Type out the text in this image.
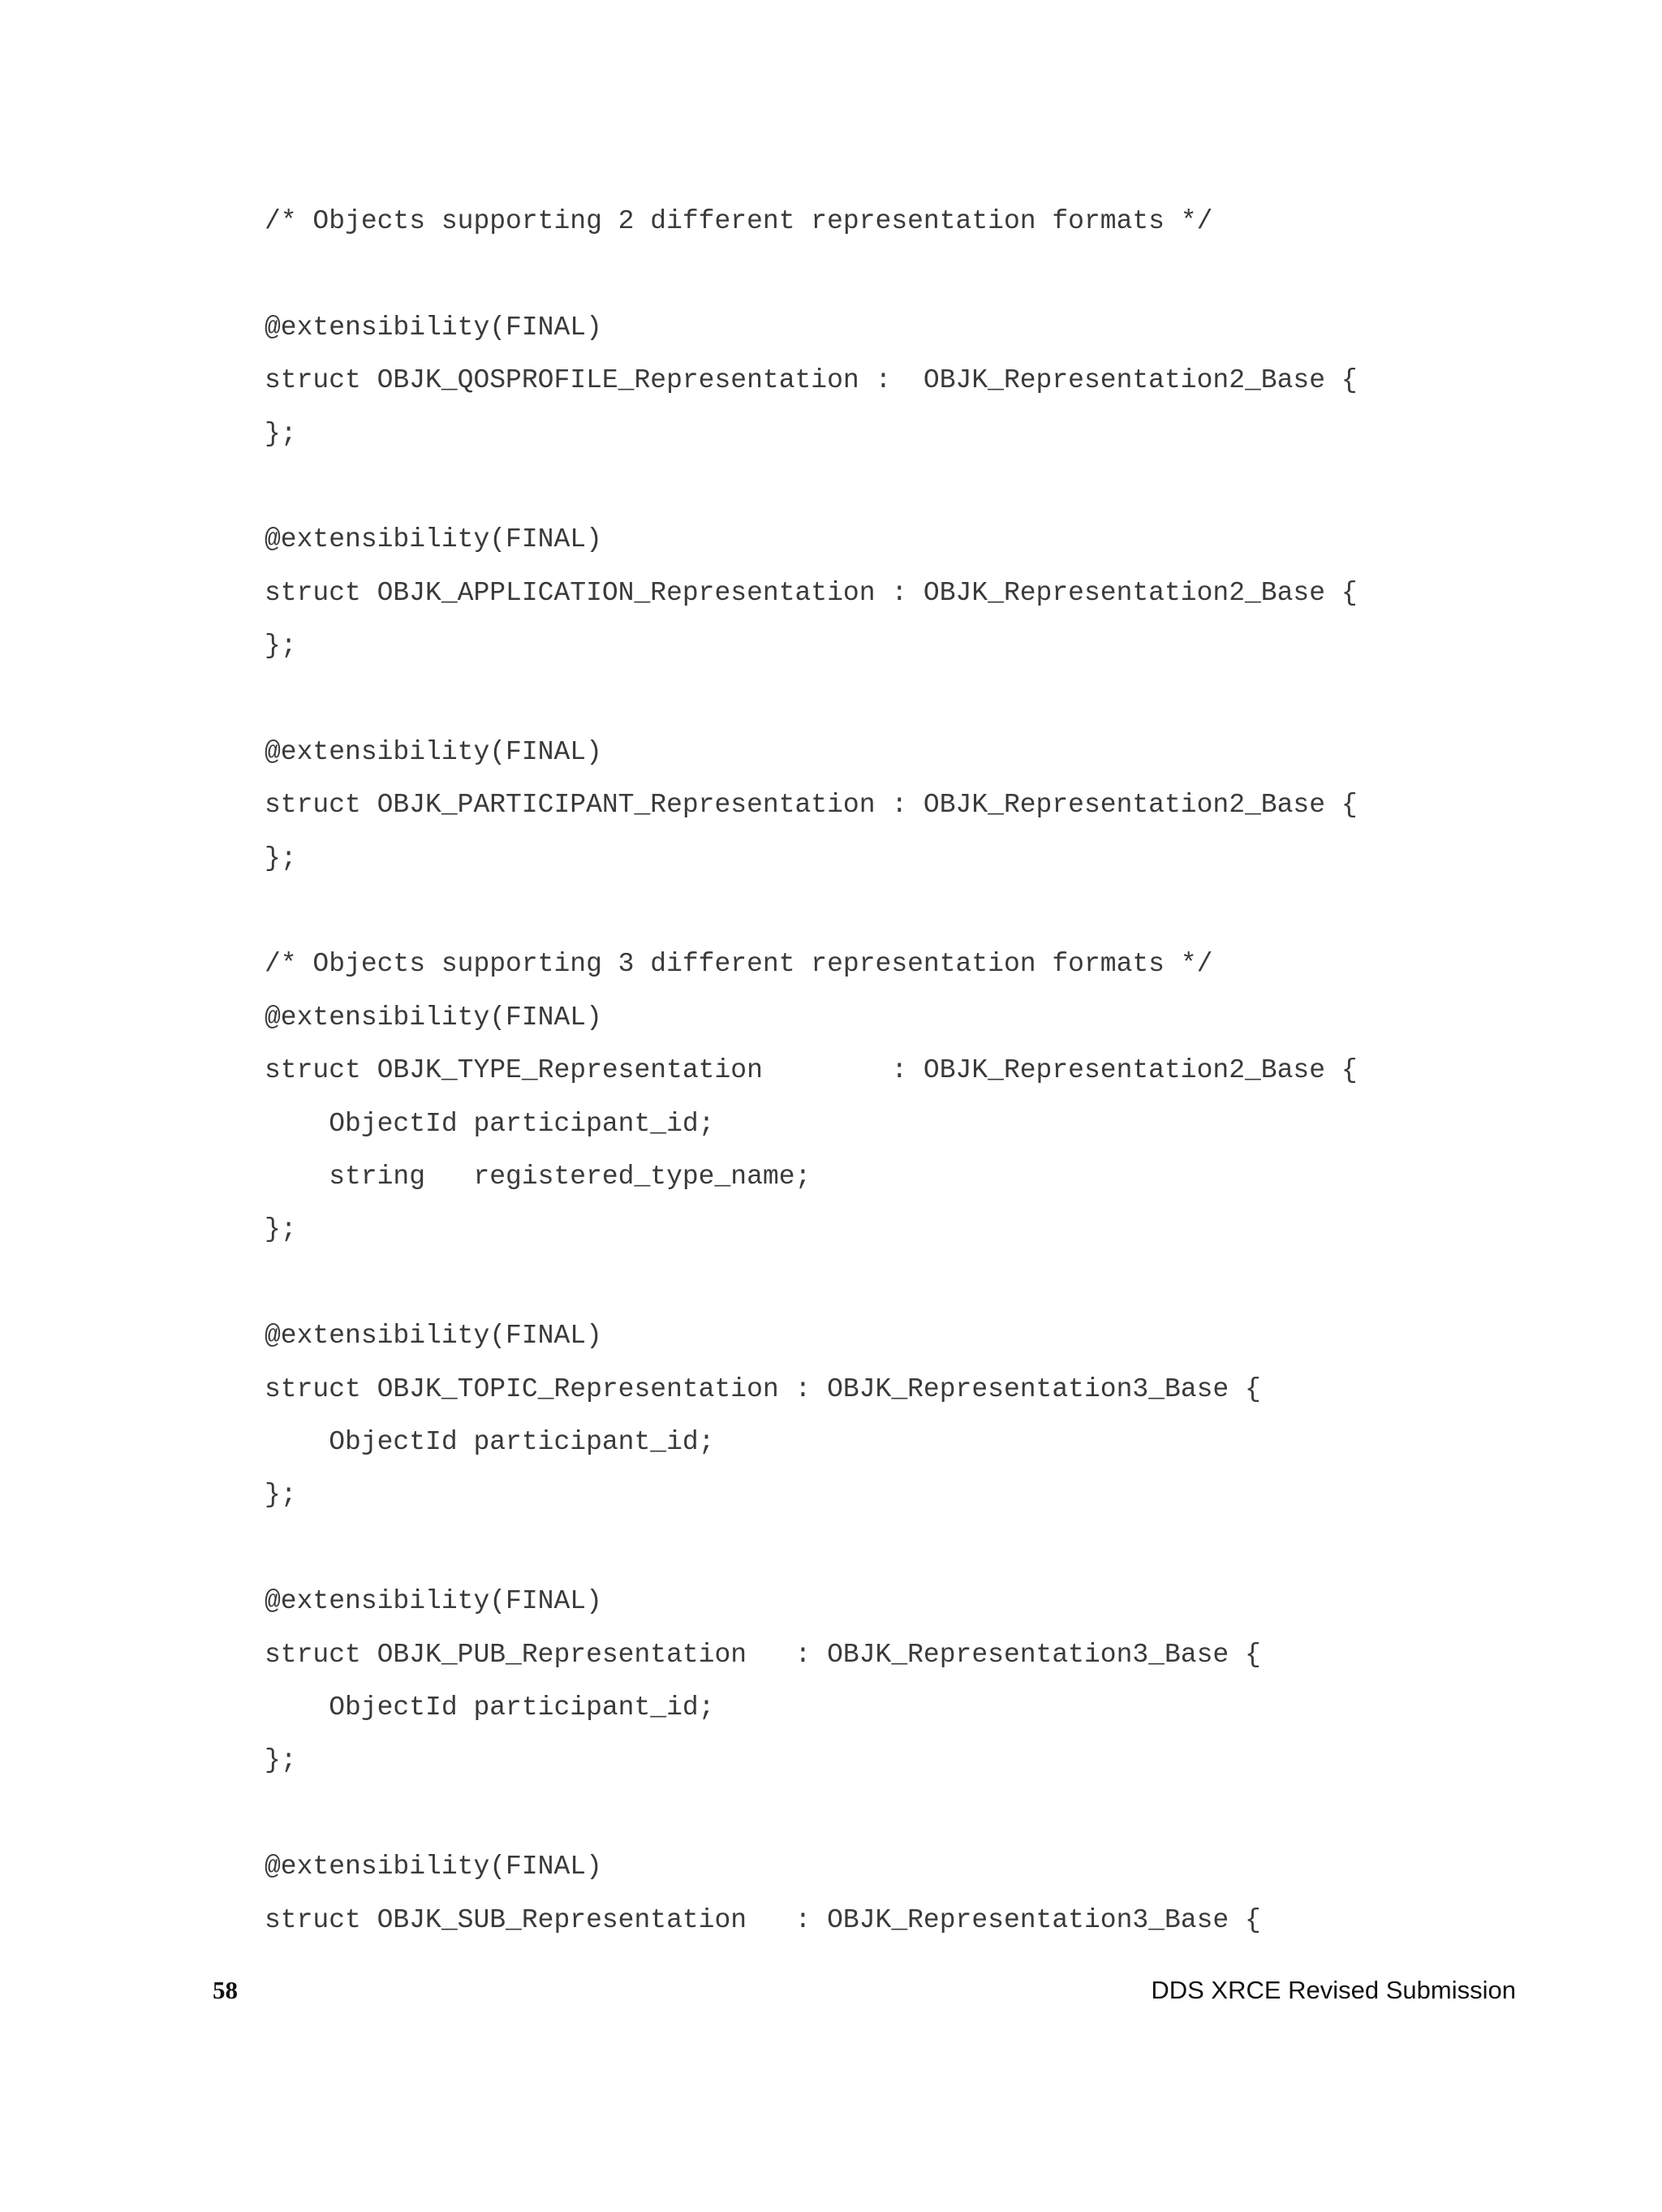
/* Objects supporting 2 different representation formats */
@extensibility(FINAL)
struct OBJK_QOSPROFILE_Representation :  OBJK_Representation2_Base {
};
@extensibility(FINAL)
struct OBJK_APPLICATION_Representation : OBJK_Representation2_Base {
};
@extensibility(FINAL)
struct OBJK_PARTICIPANT_Representation : OBJK_Representation2_Base {
};
/* Objects supporting 3 different representation formats */
@extensibility(FINAL)
struct OBJK_TYPE_Representation        : OBJK_Representation2_Base {
ObjectId participant_id;
string   registered_type_name;
};
@extensibility(FINAL)
struct OBJK_TOPIC_Representation : OBJK_Representation3_Base {
ObjectId participant_id;
};
@extensibility(FINAL)
struct OBJK_PUB_Representation   : OBJK_Representation3_Base {
ObjectId participant_id;
};
@extensibility(FINAL)
struct OBJK_SUB_Representation   : OBJK_Representation3_Base {
58	DDS XRCE Revised Submission
